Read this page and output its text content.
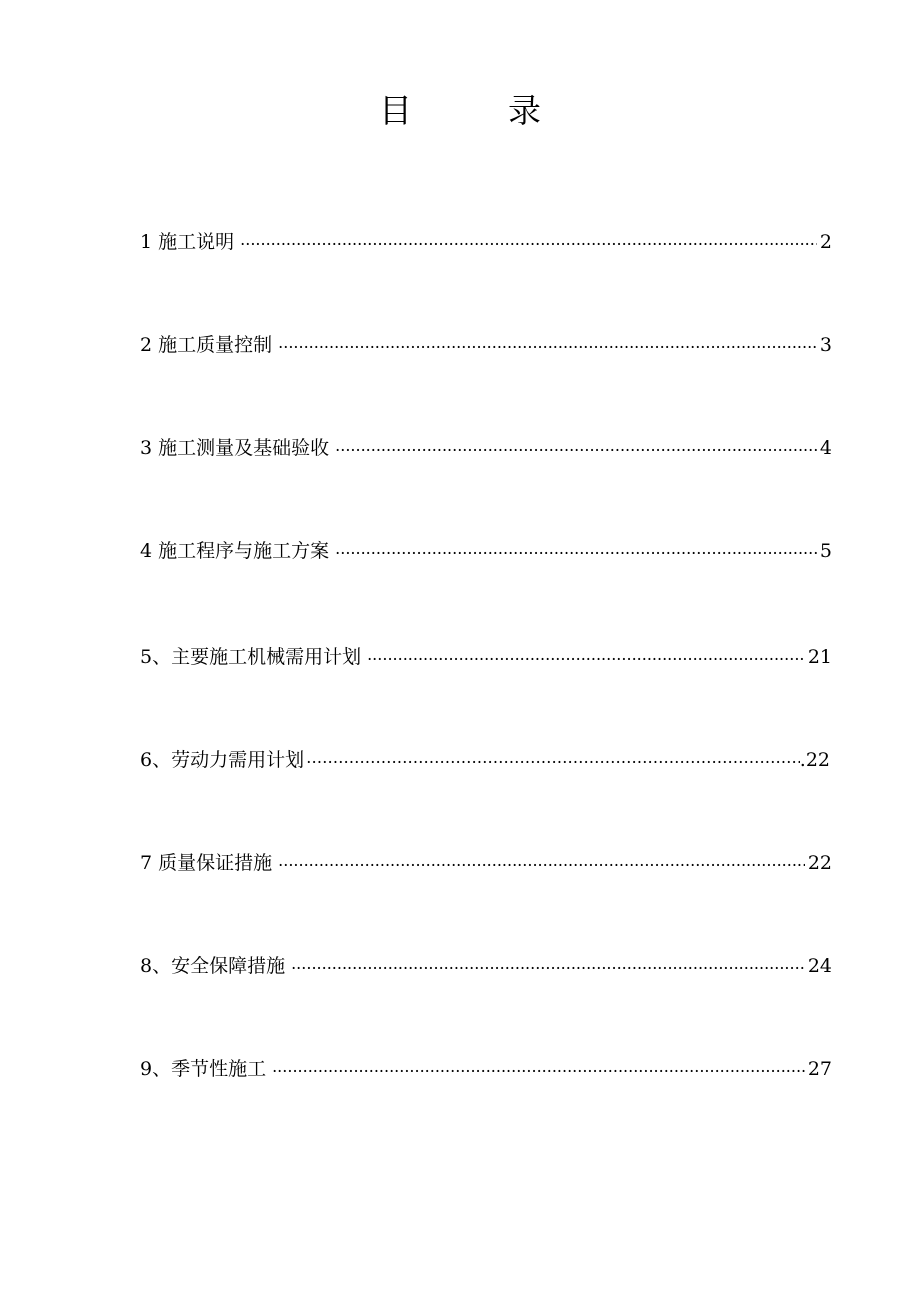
目	录
1 施工说明 .....	2
2 施工质量控制 .....	3
3 施工测量及基础验收 .....	4
4 施工程序与施工方案 .....	5
5、主要施工机械需用计划 .....	21
6、劳动力需用计划 ……………………………………………………………………………………………………………………………………………………	.22
7 质量保证措施 .....	22
8、安全保障措施 .....	24
9、季节性施工 .....	27
